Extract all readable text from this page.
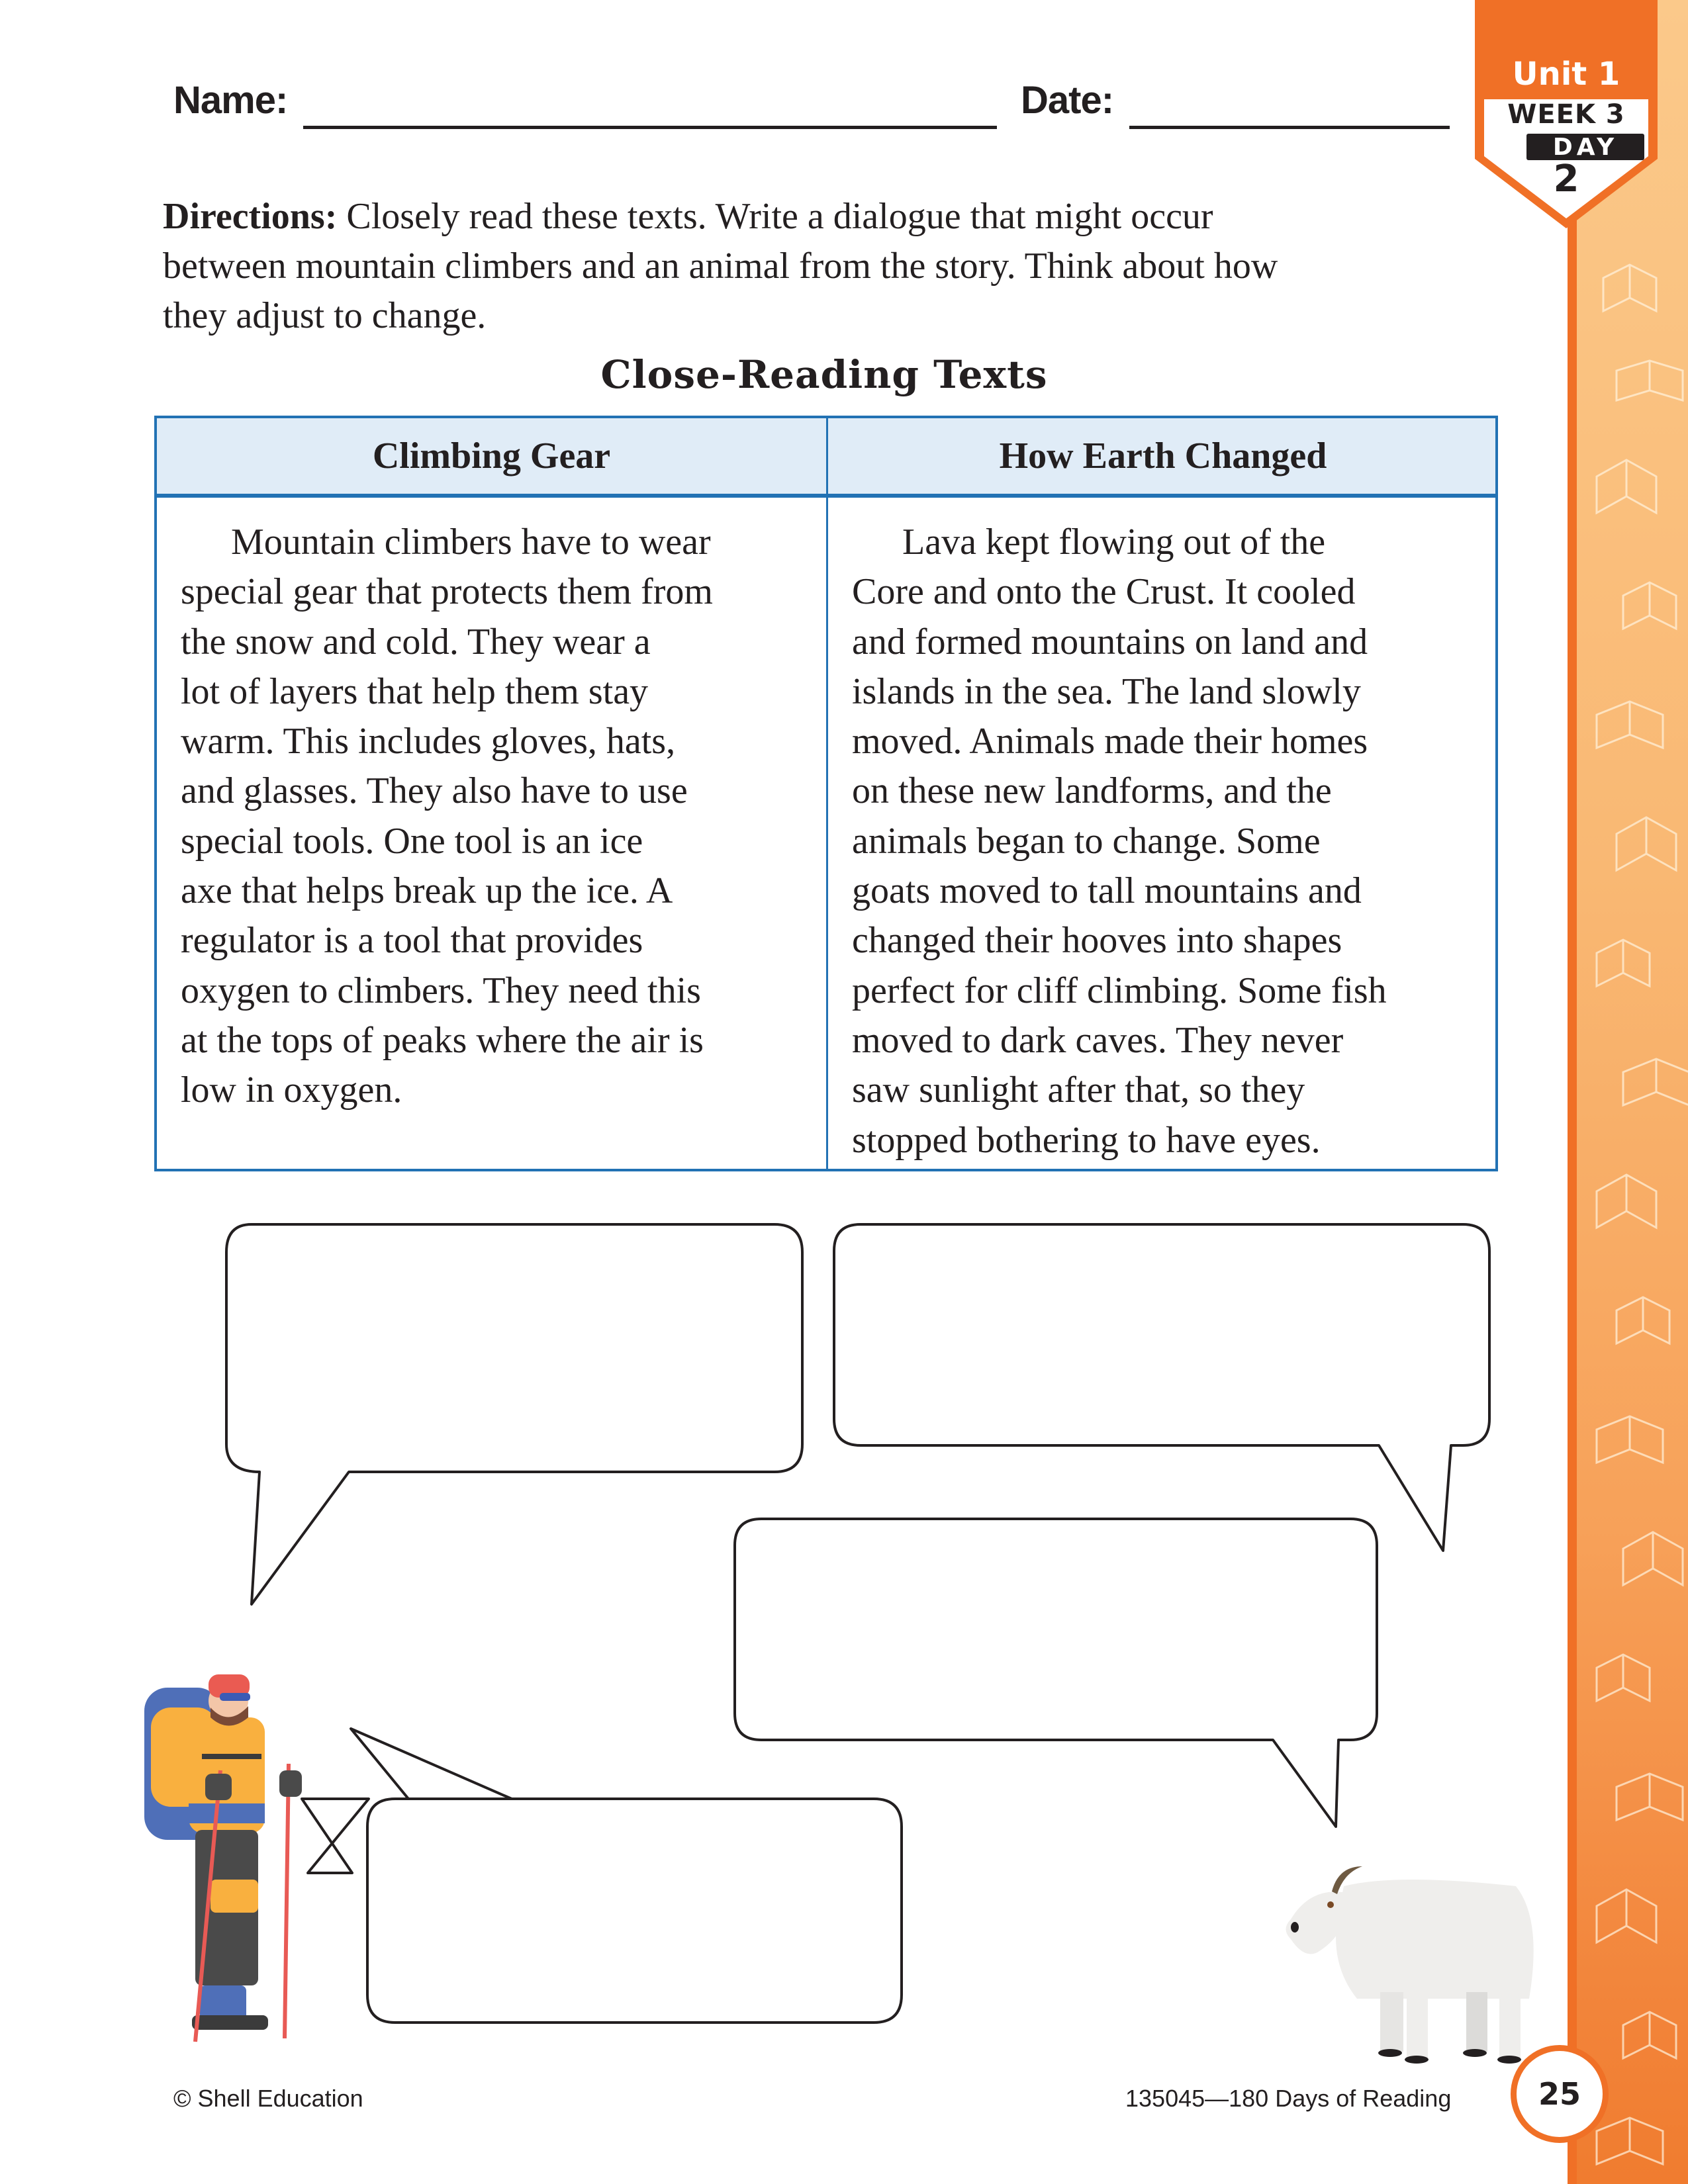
Unit 1
WEEK 3
DAY
2
Name:	Date:
Directions: Closely read these texts. Write a dialogue that might occur
between mountain climbers and an animal from the story. Think about how
they adjust to change.
Close-Reading Texts
Climbing Gear	How Earth Changed
Mountain climbers have to wear
special gear that protects them from
the snow and cold. They wear a
lot of layers that help them stay
warm. This includes gloves, hats,
and glasses. They also have to use
special tools. One tool is an ice
axe that helps break up the ice. A
regulator is a tool that provides
oxygen to climbers. They need this
at the tops of peaks where the air is
low in oxygen.
Lava kept flowing out of the
Core and onto the Crust. It cooled
and formed mountains on land and
islands in the sea. The land slowly
moved. Animals made their homes
on these new landforms, and the
animals began to change. Some
goats moved to tall mountains and
changed their hooves into shapes
perfect for cliff climbing. Some fish
moved to dark caves. They never
saw sunlight after that, so they
stopped bothering to have eyes.
© Shell Education	135045—180 Days of Reading	25
